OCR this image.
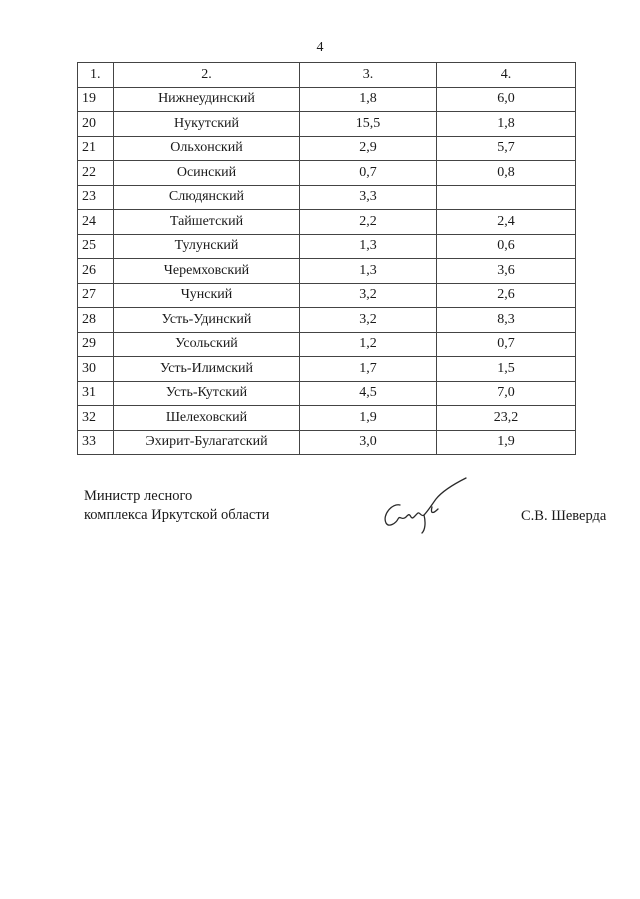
4
1.	2.	3.	4.
19	Нижнеудинский	1,8	6,0
20	Нукутский	15,5	1,8
21	Ольхонский	2,9	5,7
22	Осинский	0,7	0,8
23	Слюдянский	3,3	
24	Тайшетский	2,2	2,4
25	Тулунский	1,3	0,6
26	Черемховский	1,3	3,6
27	Чунский	3,2	2,6
28	Усть-Удинский	3,2	8,3
29	Усольский	1,2	0,7
30	Усть-Илимский	1,7	1,5
31	Усть-Кутский	4,5	7,0
32	Шелеховский	1,9	23,2
33	Эхирит-Булагатский	3,0	1,9
Министр лесного
комплекса Иркутской области	С.В. Шеверда
